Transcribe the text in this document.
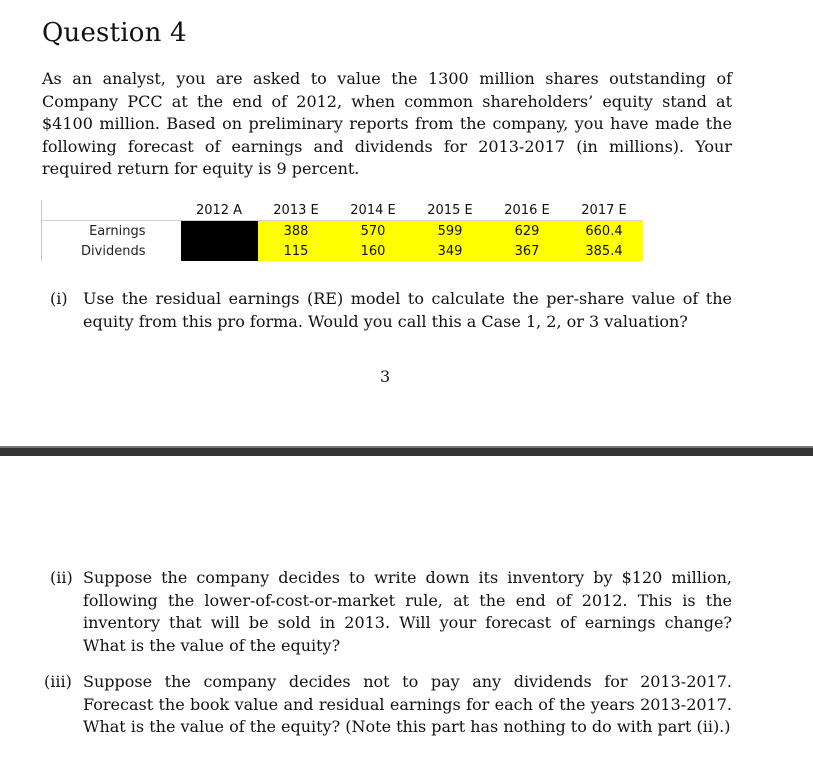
Question 4

As an analyst, you are asked to value the 1300 million shares outstanding of Company PCC at the end of 2012, when common shareholders’ equity stand at $4100 million. Based on preliminary reports from the company, you have made the following forecast of earnings and dividends for 2013-2017 (in millions). Your required return for equity is 9 percent.

	2012 A	2013 E	2014 E	2015 E	2016 E	2017 E
Earnings		388	570	599	629	660.4
Dividends		115	160	349	367	385.4
(i) Use the residual earnings (RE) model to calculate the per-share value of the equity from this pro forma. Would you call this a Case 1, 2, or 3 valuation?

3

(ii) Suppose the company decides to write down its inventory by $120 million, following the lower-of-cost-or-market rule, at the end of 2012. This is the inventory that will be sold in 2013. Will your forecast of earnings change? What is the value of the equity?
(iii) Suppose the company decides not to pay any dividends for 2013-2017. Forecast the book value and residual earnings for each of the years 2013-2017. What is the value of the equity? (Note this part has nothing to do with part (ii).)
